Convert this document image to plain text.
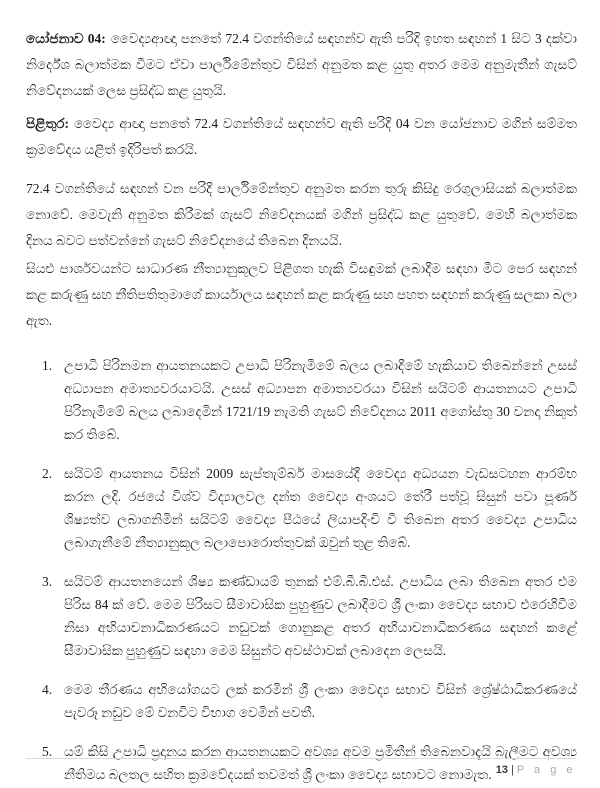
යෝජනාව 04: වෛද්‍යආඥා පනතේ 72.4 වගන්තියේ සඳහන්ව ඇති පරිදි ඉහත සඳහන් 1 සිට 3 දක්වා නිර්දේශ බලාත්මක වීමට ඒවා පාර්ලිමේන්තුව විසින් අනුමත කළ යුතු අතර මෙම අනුමැතීන් ගැසට් නිවේදනයක් ලෙස ප්‍රසිද්ධ කළ යුතුයි.

පිළිතුර: වෛද්‍ය ආඥා පනතේ 72.4 වගන්තියේ සඳහන්ව ඇති පරිදි 04 වන යෝජනාව මගින් සම්මත ක්‍රමවේදය යළිත් ඉදිරිපත් කරයි.

72.4 වගන්තියේ සඳහන් වන පරිදි පාර්ලිමේන්තුව අනුමත කරන තුරු කිසිදු රෙගුලාසියක් බලාත්මක නොවේ. මෙවැනි අනුමත කිරීමක් ගැසට් නිවේදනයක් මගින් ප්‍රසිද්ධ කළ යුතුවේ. මෙහි බලාත්මක දිනය බවට පත්වන්නේ ගැසට් නිවේදනයේ තිබෙන දිනයයි.

සියළු පාර්ශවයන්ට සාධාරණ නීත්‍යානුකූලව පිළිගත හැකි විසඳුමක් ලබාදීම සඳහා මීට පෙර සඳහන් කළ කරුණු සහ නීතිපතිතුමාගේ කාර්යාලය සඳහන් කළ කරුණු සහ පහත සඳහන් කරුණු සලකා බලා ඇත.

1. උපාධි පිරිනමන ආයතනයකට උපාධි පිරිනැමීමේ බලය ලබාදීමේ හැකියාව තිබෙන්නේ උසස් අධ්‍යාපන අමාත්‍යවරයාටයි. උසස් අධ්‍යාපන අමාත්‍යවරයා විසින් සයිටම් ආයතනයට උපාධි පිරිනැමීමේ බලය ලබාදෙමින් 1721/19 නැමති ගැසට් නිවේදනය 2011 අගෝස්තු 30 වනදා නිකුත් කර තිබේ.
2. සයිටම් ආයතනය විසින් 2009 සැප්තැම්බර් මාසයේදී වෛද්‍ය අධ්‍යයන වැඩසටහන ආරම්භ කරන ලදි. රජයේ විශ්ව විද්‍යාලවල දන්ත වෛද්‍ය අංශයට තේරී පත්වූ සිසුන් පවා පූර්ණ ශිෂ්‍යත්ව ලබාගනිමින් සයිටම් වෛද්‍ය පීඨයේ ලියාපදිංචි වී තිබෙන අතර වෛද්‍ය උපාධිය ලබාගැනීමේ නීත්‍යානුකූල බලාපොරොත්තුවක් ඔවුන් තුළ තිබේ.
3. සයිටම් ආයතනයෙන් ශිෂ්‍ය කණ්ඩායම් තුනක් එම්.බී.බී.එස්. උපාධිය ලබා තිබෙන අතර එම පිරිස 84 ක් වේ. මෙම පිරිසට සීමාවාසික පුහුණුව ලබාදීමට ශ්‍රී ලංකා වෛද්‍ය සභාව එරෙහිවීම නිසා අභියාචනාධිකරණයට නඩුවක් ගොනුකළ අතර අභියාචනාධිකරණය සඳහන් කළේ සීමාවාසික පුහුණුව සඳහා මෙම සිසුන්ට අවස්ථාවක් ලබාදෙන ලෙසයි.
4. මෙම තීරණය අභියෝගයට ලක් කරමින් ශ්‍රී ලංකා වෛද්‍ය සභාව විසින් ශ්‍රේෂ්ඨාධිකරණයේ පැවරූ නඩුව මේ වනවිට විභාග වෙමින් පවතී.
5. යම් කිසි උපාධි ප්‍රදානය කරන ආයතනයකට අවශ්‍ය අවම ප්‍රමිතීන් තිබෙනවාදැයි බැලීමට අවශ්‍ය නීතිමය බලතල සහිත ක්‍රමවේදයක් තවමත් ශ්‍රී ලංකා වෛද්‍ය සභාවට නොමැත. 13 | P a g e
